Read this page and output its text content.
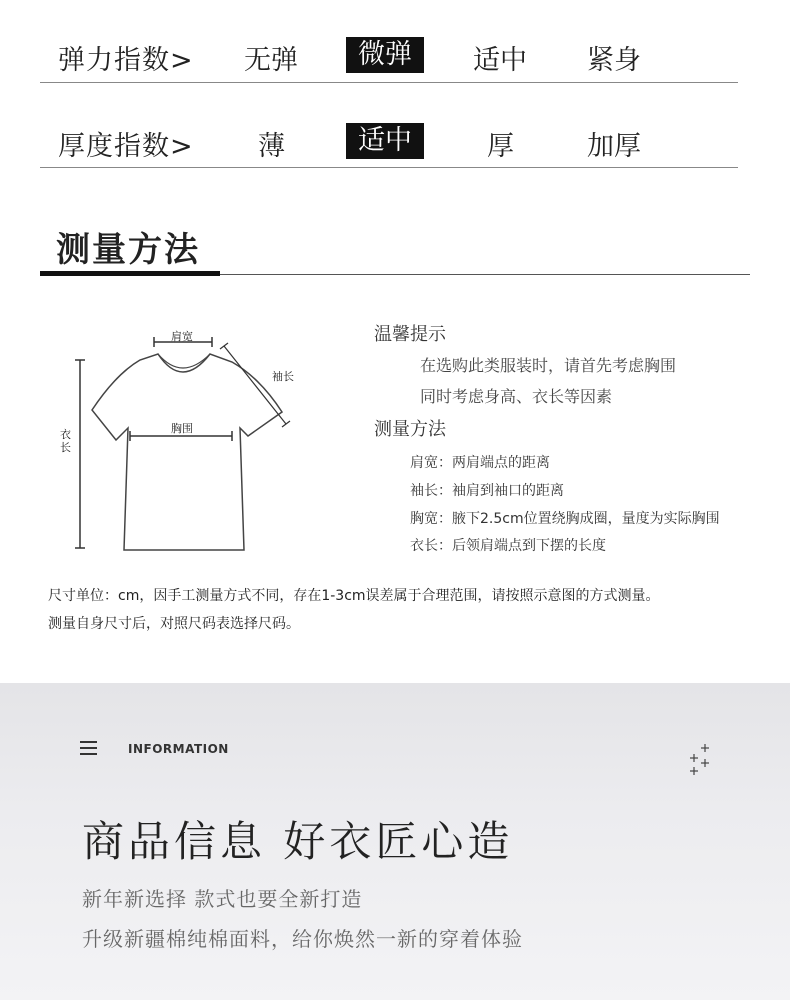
弹力指数> 无弹	微弹	适中 紧身
厚度指数> 薄	适中	厚	加厚
测量方法
肩宽
袖长
胸围
衣长
温馨提示
在选购此类服装时，请首先考虑胸围
同时考虑身高、衣长等因素
测量方法
肩宽：两肩端点的距离
袖长：袖肩到袖口的距离
胸宽：腋下2.5cm位置绕胸成圈，量度为实际胸围
衣长：后领肩端点到下摆的长度
尺寸单位：cm，因手工测量方式不同，存在1-3cm误差属于合理范围，请按照示意图的方式测量。
测量自身尺寸后，对照尺码表选择尺码。
INFORMATION
商品信息 好衣匠心造
新年新选择 款式也要全新打造
升级新疆棉纯棉面料，给你焕然一新的穿着体验
